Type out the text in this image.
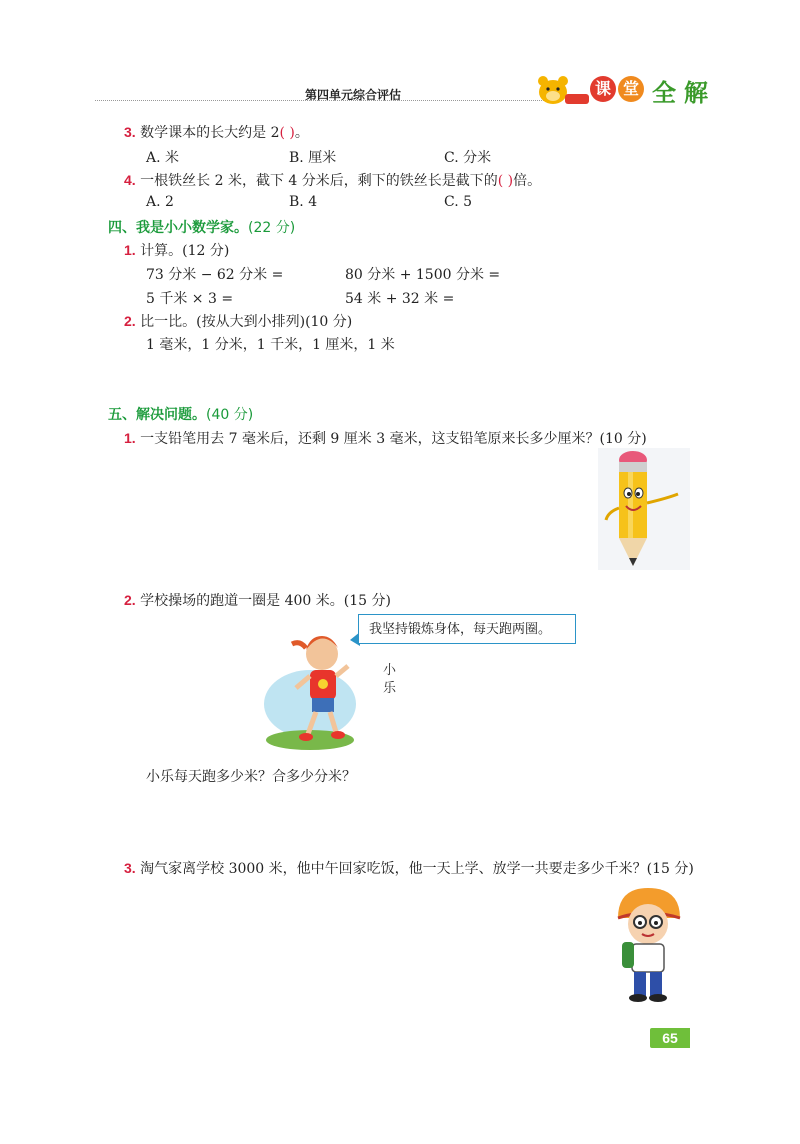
第四单元综合评估	课 堂 全 解
3. 数学课本的长大约是 2( )。
A. 米	B. 厘米	C. 分米
4. 一根铁丝长 2 米，截下 4 分米后，剩下的铁丝长是截下的( )倍。
A. 2	B. 4	C. 5
四、我是小小数学家。(22 分)
1. 计算。(12 分)
73 分米 − 62 分米 =	80 分米 + 1500 分米 =
5 千米 × 3 =	54 米 + 32 米 =
2. 比一比。(按从大到小排列)(10 分)
1 毫米，1 分米，1 千米，1 厘米，1 米
五、解决问题。(40 分)
1. 一支铅笔用去 7 毫米后，还剩 9 厘米 3 毫米，这支铅笔原来长多少厘米？(10 分)
2. 学校操场的跑道一圈是 400 米。(15 分)
我坚持锻炼身体，每天跑两圈。
小乐
小乐每天跑多少米？合多少分米？
3. 淘气家离学校 3000 米，他中午回家吃饭，他一天上学、放学一共要走多少千米？(15 分)
65
